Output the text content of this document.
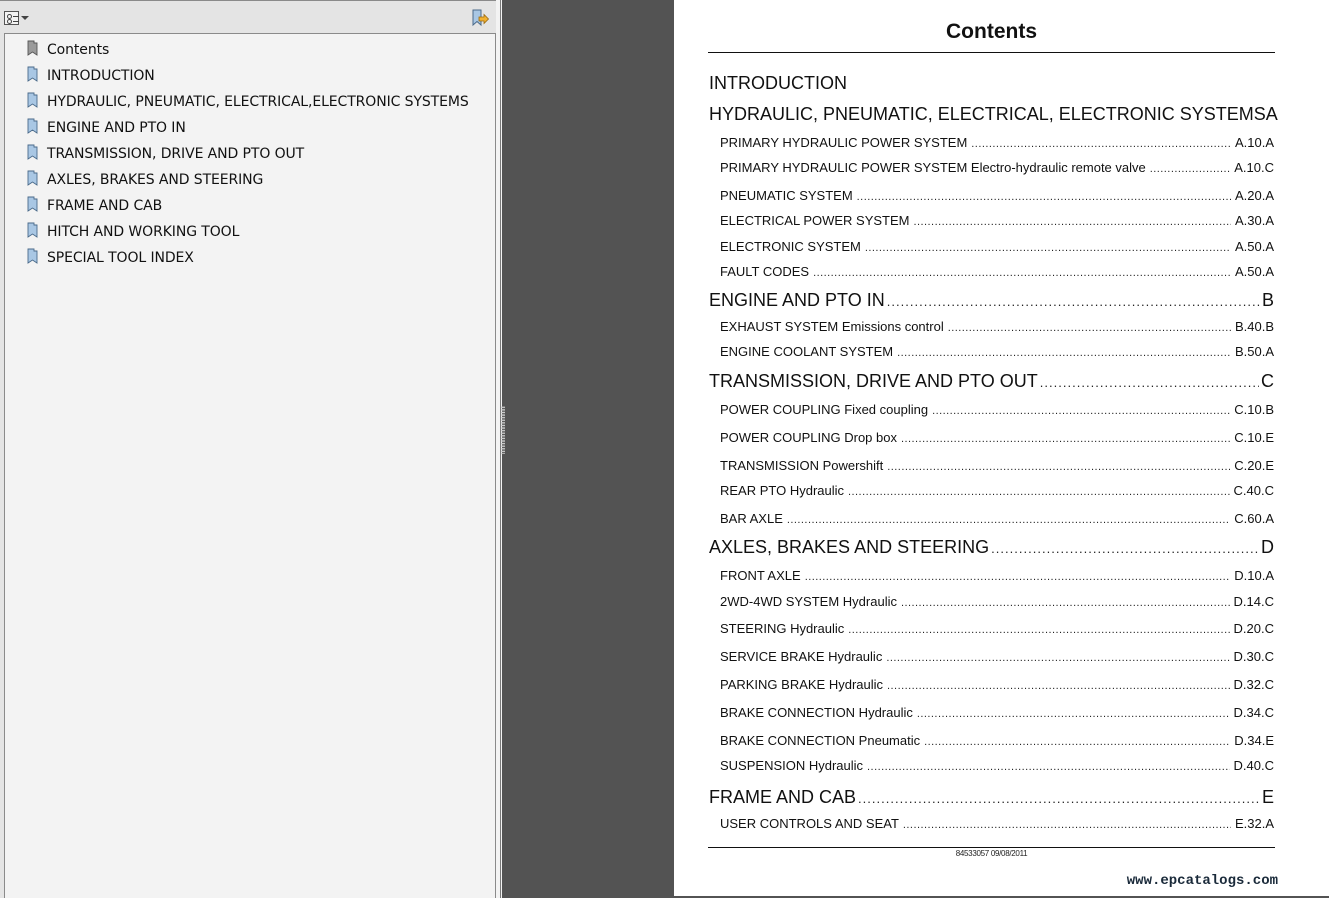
Contents
INTRODUCTION
HYDRAULIC, PNEUMATIC, ELECTRICAL,ELECTRONIC SYSTEMS
ENGINE AND PTO IN
TRANSMISSION, DRIVE AND PTO OUT
AXLES, BRAKES AND STEERING
FRAME AND CAB
HITCH AND WORKING TOOL
SPECIAL TOOL INDEX
Contents
INTRODUCTION
HYDRAULIC, PNEUMATIC, ELECTRICAL, ELECTRONIC SYSTEMS A
PRIMARY HYDRAULIC POWER SYSTEM . . .	A.10.A
PRIMARY HYDRAULIC POWER SYSTEM Electro-hydraulic remote valve . . .	A.10.C
PNEUMATIC SYSTEM . . .	A.20.A
ELECTRICAL POWER SYSTEM . . .	A.30.A
ELECTRONIC SYSTEM . . .	A.50.A
FAULT CODES . . .	A.50.A
ENGINE AND PTO IN . . .	B
EXHAUST SYSTEM Emissions control . . .	B.40.B
ENGINE COOLANT SYSTEM . . .	B.50.A
TRANSMISSION, DRIVE AND PTO OUT . . .	C
POWER COUPLING Fixed coupling . . .	C.10.B
POWER COUPLING Drop box . . .	C.10.E
TRANSMISSION Powershift . . .	C.20.E
REAR PTO Hydraulic . . .	C.40.C
BAR AXLE . . .	C.60.A
AXLES, BRAKES AND STEERING . . .	D
FRONT AXLE . . .	D.10.A
2WD-4WD SYSTEM Hydraulic . . .	D.14.C
STEERING Hydraulic . . .	D.20.C
SERVICE BRAKE Hydraulic . . .	D.30.C
PARKING BRAKE Hydraulic . . .	D.32.C
BRAKE CONNECTION Hydraulic . . .	D.34.C
BRAKE CONNECTION Pneumatic . . .	D.34.E
SUSPENSION Hydraulic . . .	D.40.C
FRAME AND CAB . . .	E
USER CONTROLS AND SEAT . . .	E.32.A
84533057 09/08/2011
www.epcatalogs.com
